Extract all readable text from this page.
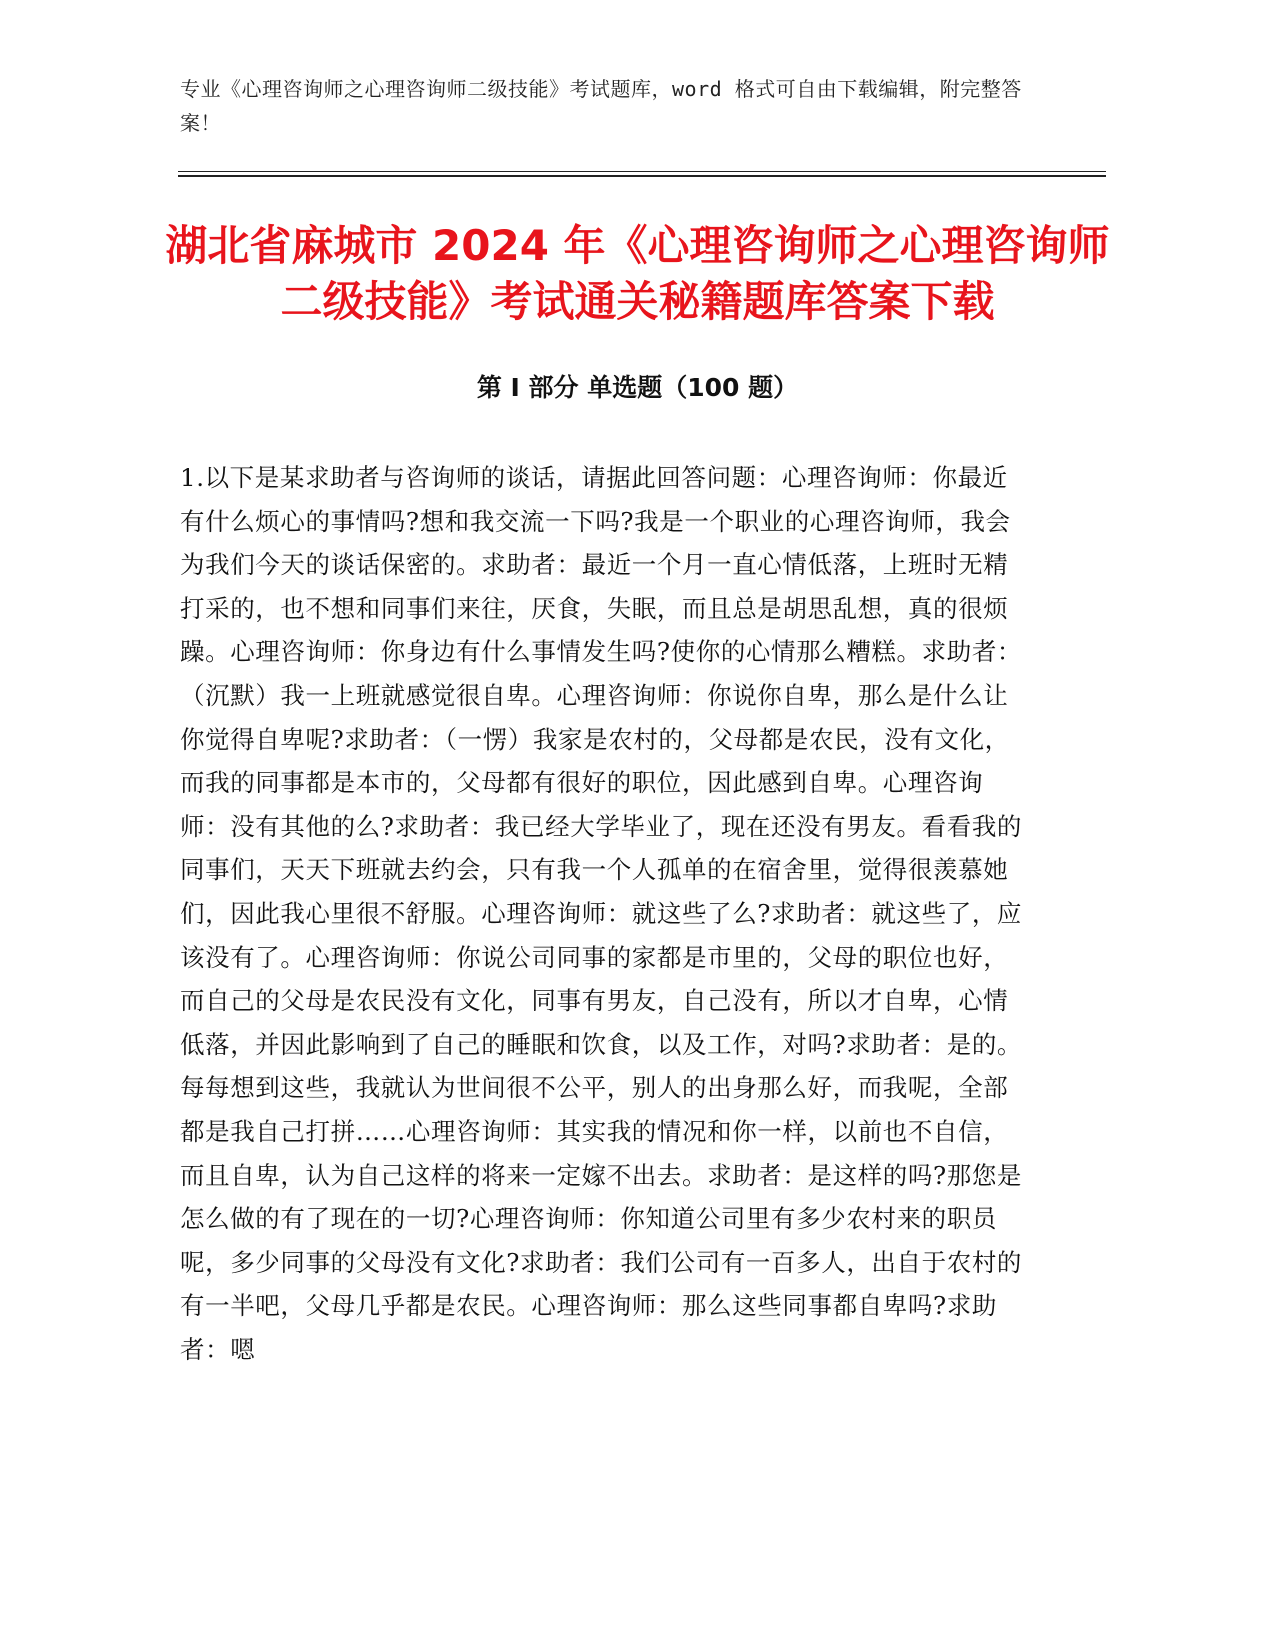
专业《心理咨询师之心理咨询师二级技能》考试题库，word 格式可自由下载编辑，附完整答案！
湖北省麻城市 2024 年《心理咨询师之心理咨询师二级技能》考试通关秘籍题库答案下载
第 I 部分 单选题（100 题）

1.以下是某求助者与咨询师的谈话，请据此回答问题：心理咨询师：你最近有什么烦心的事情吗?想和我交流一下吗?我是一个职业的心理咨询师，我会为我们今天的谈话保密的。求助者：最近一个月一直心情低落，上班时无精打采的，也不想和同事们来往，厌食，失眠，而且总是胡思乱想，真的很烦躁。心理咨询师：你身边有什么事情发生吗?使你的心情那么糟糕。求助者：（沉默）我一上班就感觉很自卑。心理咨询师：你说你自卑，那么是什么让你觉得自卑呢?求助者：（一愣）我家是农村的，父母都是农民，没有文化，而我的同事都是本市的，父母都有很好的职位，因此感到自卑。心理咨询师：没有其他的么?求助者：我已经大学毕业了，现在还没有男友。看看我的同事们，天天下班就去约会，只有我一个人孤单的在宿舍里，觉得很羡慕她们，因此我心里很不舒服。心理咨询师：就这些了么?求助者：就这些了，应该没有了。心理咨询师：你说公司同事的家都是市里的，父母的职位也好，而自己的父母是农民没有文化，同事有男友，自己没有，所以才自卑，心情低落，并因此影响到了自己的睡眠和饮食，以及工作，对吗?求助者：是的。每每想到这些，我就认为世间很不公平，别人的出身那么好，而我呢，全部都是我自己打拼……心理咨询师：其实我的情况和你一样，以前也不自信，而且自卑，认为自己这样的将来一定嫁不出去。求助者：是这样的吗?那您是怎么做的有了现在的一切?心理咨询师：你知道公司里有多少农村来的职员呢，多少同事的父母没有文化?求助者：我们公司有一百多人，出自于农村的有一半吧，父母几乎都是农民。心理咨询师：那么这些同事都自卑吗?求助者：嗯
